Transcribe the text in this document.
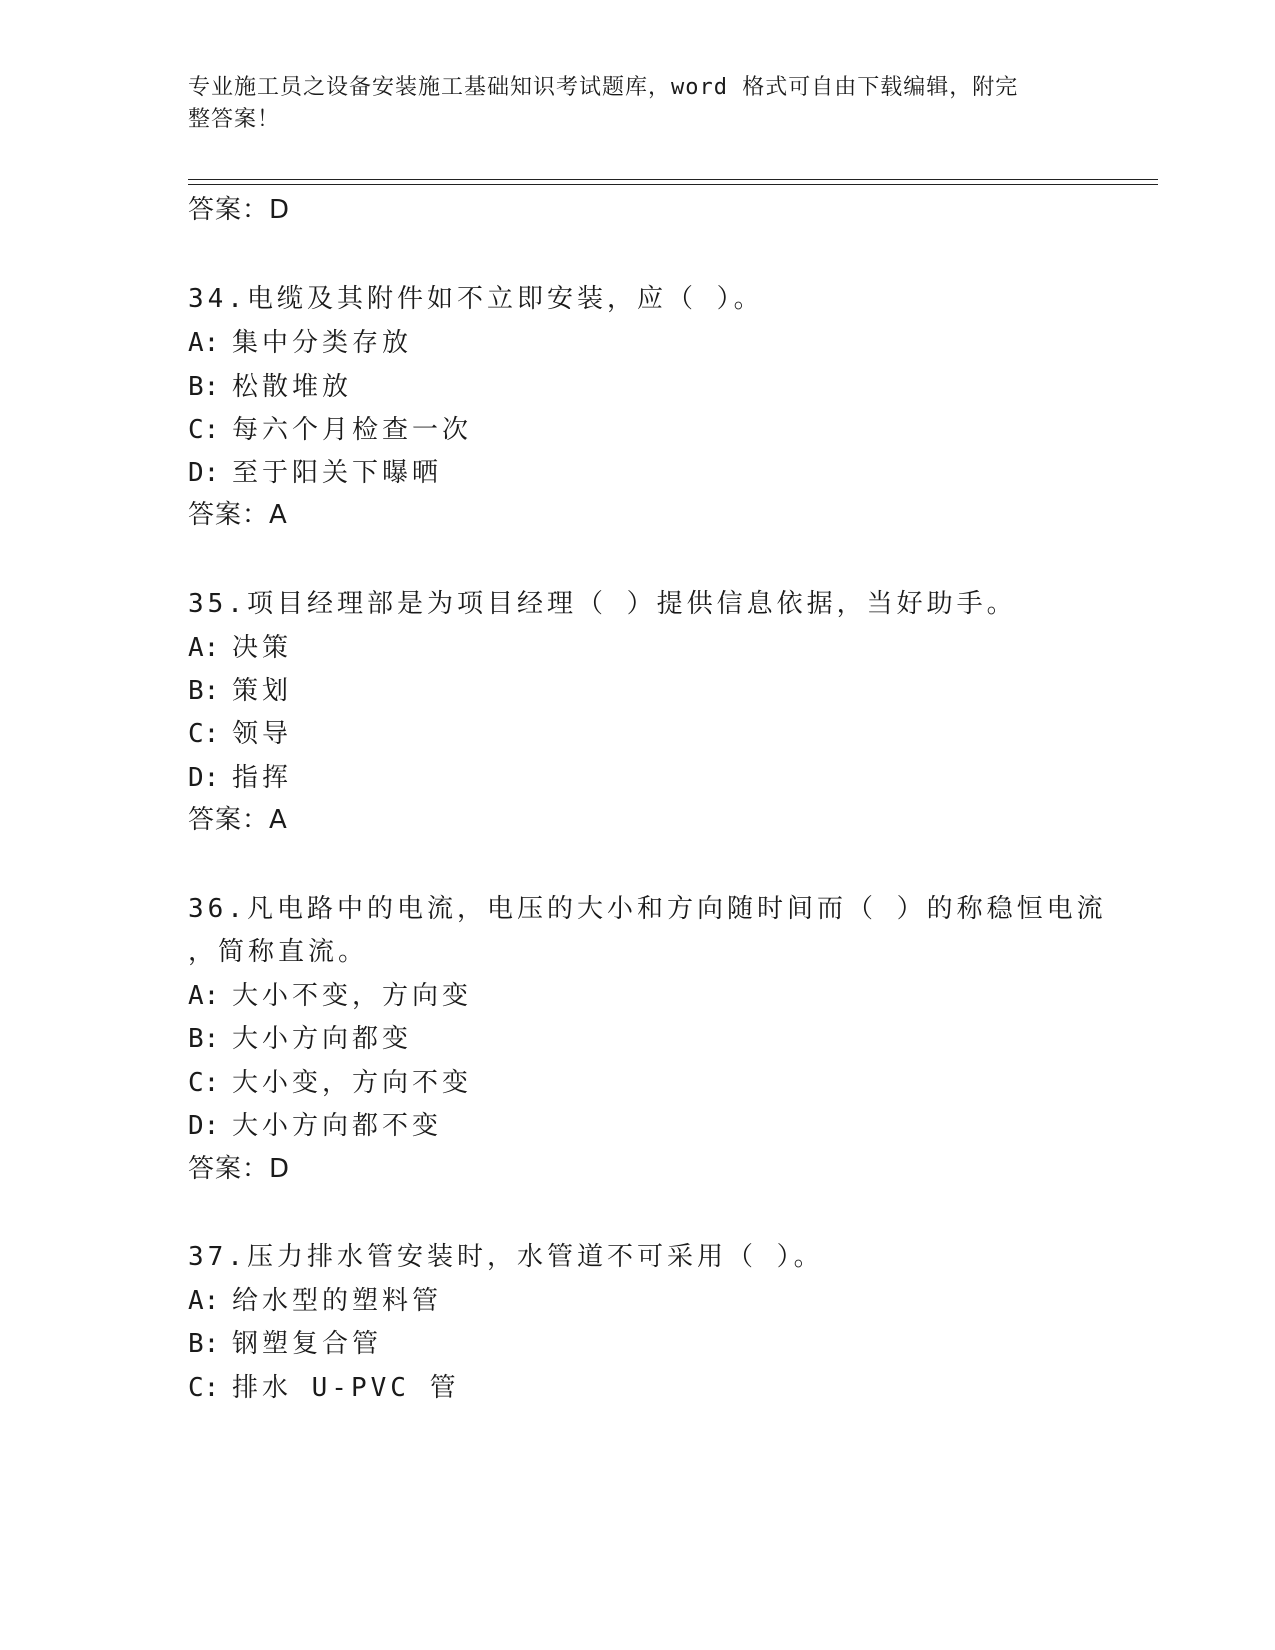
专业施工员之设备安装施工基础知识考试题库，word 格式可自由下载编辑，附完
整答案！
答案：D
34.电缆及其附件如不立即安装，应（ ）。
A: 集中分类存放
B: 松散堆放
C: 每六个月检查一次
D: 至于阳关下曝晒
答案：A
35.项目经理部是为项目经理（ ）提供信息依据，当好助手。
A: 决策
B: 策划
C: 领导
D: 指挥
答案：A
36.凡电路中的电流，电压的大小和方向随时间而（ ）的称稳恒电流
，简称直流。
A: 大小不变，方向变
B: 大小方向都变
C: 大小变，方向不变
D: 大小方向都不变
答案：D
37.压力排水管安装时，水管道不可采用（ ）。
A: 给水型的塑料管
B: 钢塑复合管
C: 排水 U-PVC 管
